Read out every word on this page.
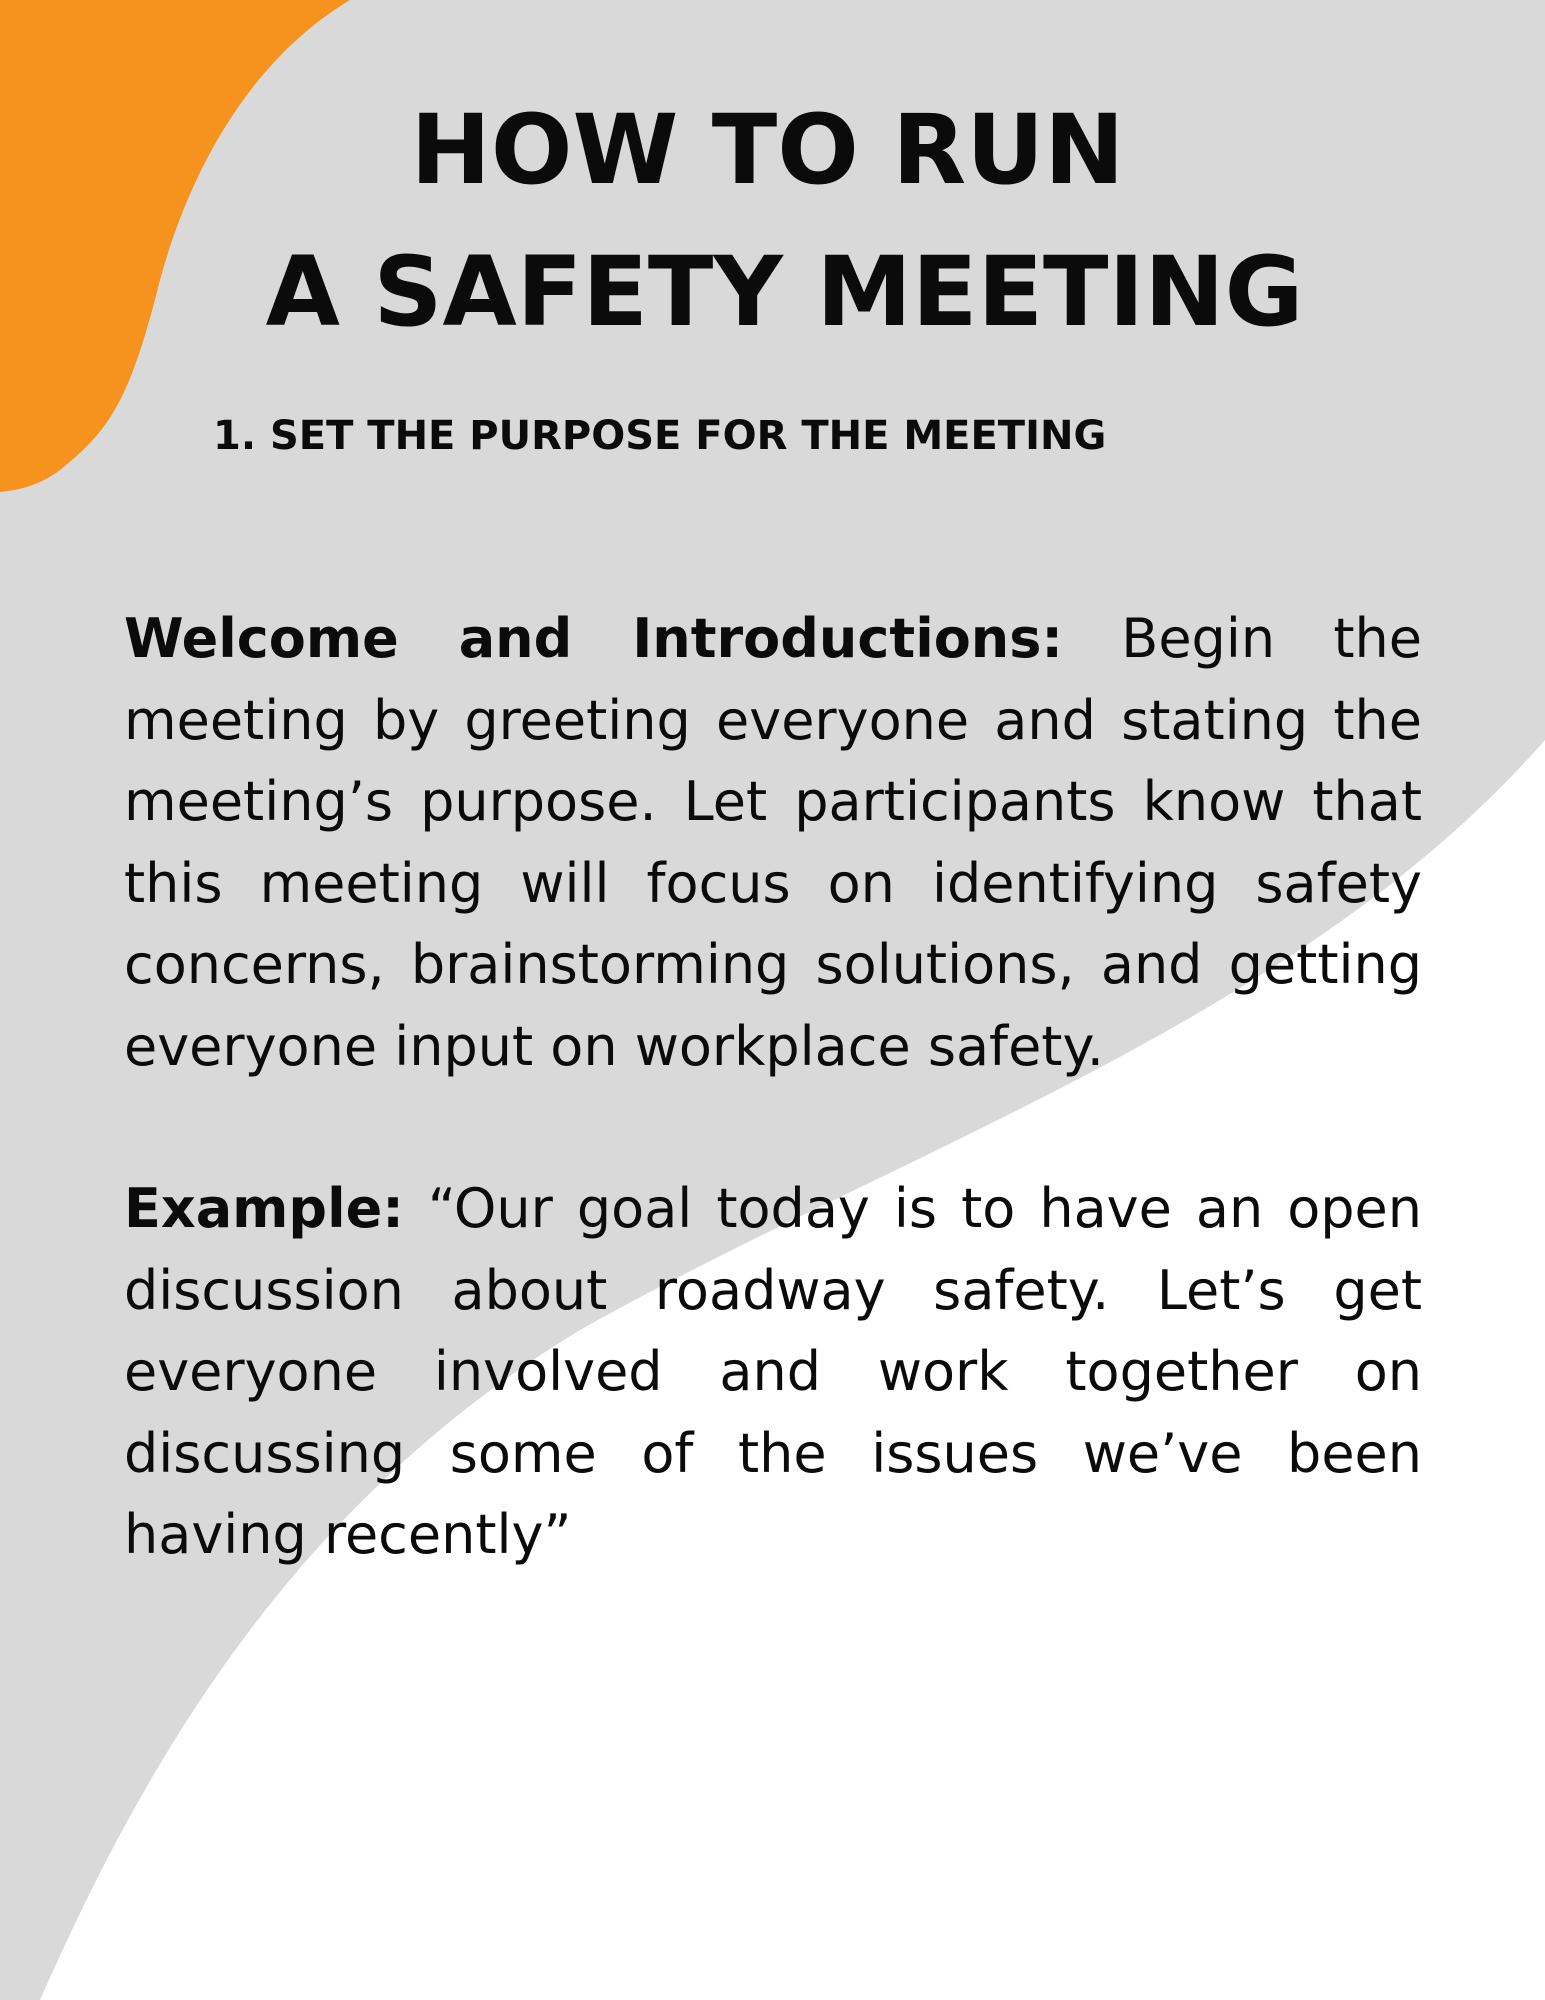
HOW TO RUN
A SAFETY MEETING
1. SET THE PURPOSE FOR THE MEETING

Welcome and Introductions: Begin the meeting by greeting everyone and stating the meeting’s purpose. Let participants know that this meeting will focus on identifying safety concerns, brainstorming solutions, and getting everyone input on workplace safety.

Example: “Our goal today is to have an open discussion about roadway safety. Let’s get everyone involved and work together on discussing some of the issues we’ve been having recently”
